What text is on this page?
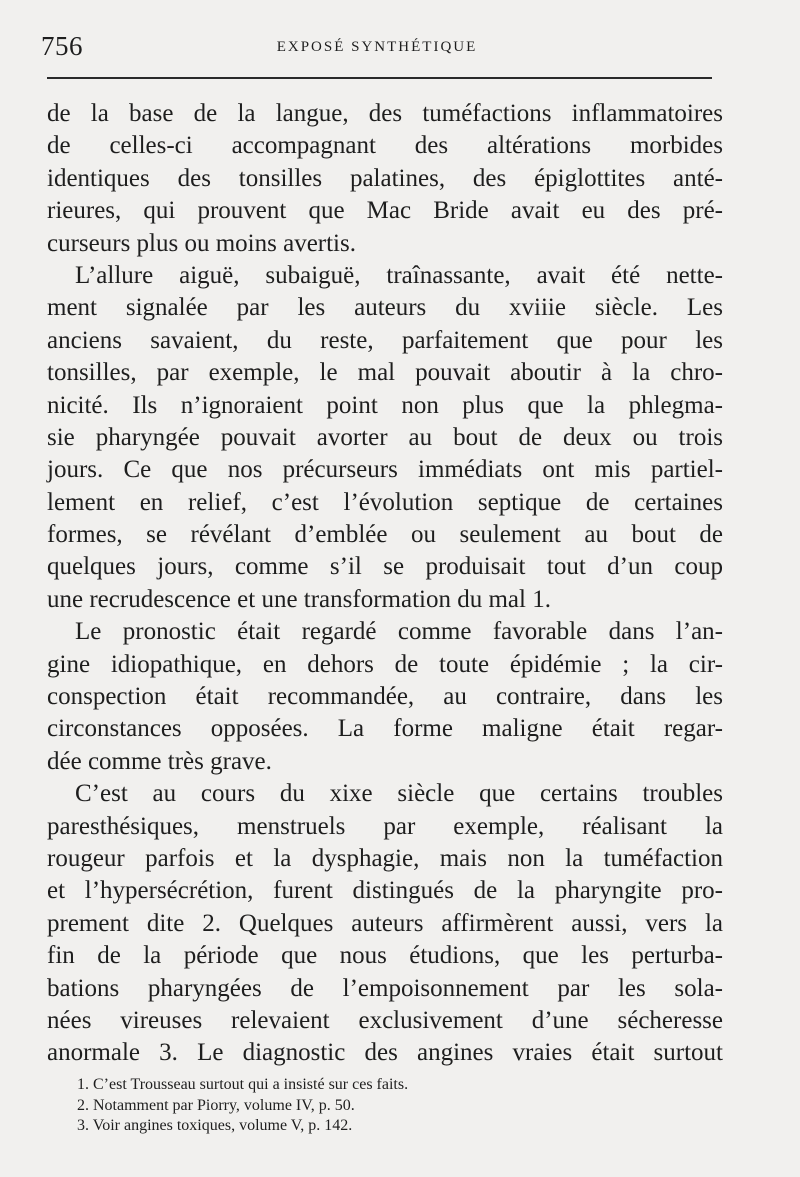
756	EXPOSÉ SYNTHÉTIQUE
de la base de la langue, des tuméfactions inflammatoires
de celles-ci accompagnant des altérations morbides
identiques des tonsilles palatines, des épiglottites anté-
rieures, qui prouvent que Mac Bride avait eu des pré-
curseurs plus ou moins avertis.
L’allure aiguë, subaiguë, traînassante, avait été nette-
ment signalée par les auteurs du xviiie siècle. Les
anciens savaient, du reste, parfaitement que pour les
tonsilles, par exemple, le mal pouvait aboutir à la chro-
nicité. Ils n’ignoraient point non plus que la phlegma-
sie pharyngée pouvait avorter au bout de deux ou trois
jours. Ce que nos précurseurs immédiats ont mis partiel-
lement en relief, c’est l’évolution septique de certaines
formes, se révélant d’emblée ou seulement au bout de
quelques jours, comme s’il se produisait tout d’un coup
une recrudescence et une transformation du mal 1.
Le pronostic était regardé comme favorable dans l’an-
gine idiopathique, en dehors de toute épidémie ; la cir-
conspection était recommandée, au contraire, dans les
circonstances opposées. La forme maligne était regar-
dée comme très grave.
C’est au cours du xixe siècle que certains troubles
paresthésiques, menstruels par exemple, réalisant la
rougeur parfois et la dysphagie, mais non la tuméfaction
et l’hypersécrétion, furent distingués de la pharyngite pro-
prement dite 2. Quelques auteurs affirmèrent aussi, vers la
fin de la période que nous étudions, que les perturba-
bations pharyngées de l’empoisonnement par les sola-
nées vireuses relevaient exclusivement d’une sécheresse
anormale 3. Le diagnostic des angines vraies était surtout
1. C’est Trousseau surtout qui a insisté sur ces faits.
2. Notamment par Piorry, volume IV, p. 50.
3. Voir angines toxiques, volume V, p. 142.
